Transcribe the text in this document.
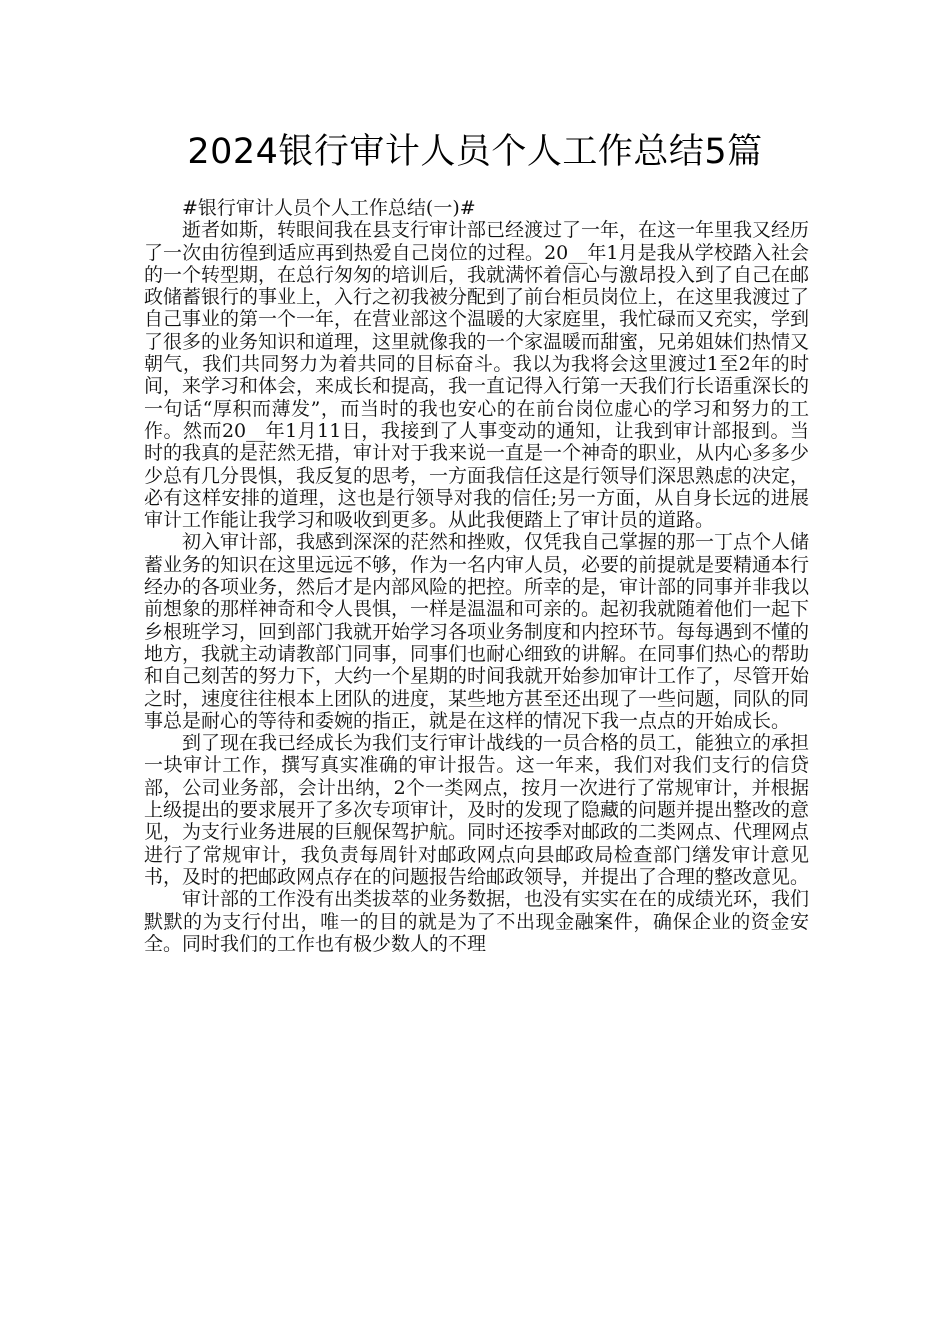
2024银行审计人员个人工作总结5篇

#银行审计人员个人工作总结(一)#

逝者如斯，转眼间我在县支行审计部已经渡过了一年，在这一年里我又经历了一次由彷徨到适应再到热爱自己岗位的过程。20__年1月是我从学校踏入社会的一个转型期，在总行匆匆的培训后，我就满怀着信心与激昂投入到了自己在邮政储蓄银行的事业上，入行之初我被分配到了前台柜员岗位上，在这里我渡过了自己事业的第一个一年，在营业部这个温暖的大家庭里，我忙碌而又充实，学到了很多的业务知识和道理，这里就像我的一个家温暖而甜蜜，兄弟姐妹们热情又朝气，我们共同努力为着共同的目标奋斗。我以为我将会这里渡过1至2年的时间，来学习和体会，来成长和提高，我一直记得入行第一天我们行长语重深长的一句话“厚积而薄发”，而当时的我也安心的在前台岗位虚心的学习和努力的工作。然而20__年1月11日，我接到了人事变动的通知，让我到审计部报到。当时的我真的是茫然无措，审计对于我来说一直是一个神奇的职业，从内心多多少少总有几分畏惧，我反复的思考，一方面我信任这是行领导们深思熟虑的决定，必有这样安排的道理，这也是行领导对我的信任;另一方面，从自身长远的进展审计工作能让我学习和吸收到更多。从此我便踏上了审计员的道路。

初入审计部，我感到深深的茫然和挫败，仅凭我自己掌握的那一丁点个人储蓄业务的知识在这里远远不够，作为一名内审人员，必要的前提就是要精通本行经办的各项业务，然后才是内部风险的把控。所幸的是，审计部的同事并非我以前想象的那样神奇和令人畏惧，一样是温温和可亲的。起初我就随着他们一起下乡根班学习，回到部门我就开始学习各项业务制度和内控环节。每每遇到不懂的地方，我就主动请教部门同事，同事们也耐心细致的讲解。在同事们热心的帮助和自己刻苦的努力下，大约一个星期的时间我就开始参加审计工作了，尽管开始之时，速度往往根本上团队的进度，某些地方甚至还出现了一些问题，同队的同事总是耐心的等待和委婉的指正，就是在这样的情况下我一点点的开始成长。

到了现在我已经成长为我们支行审计战线的一员合格的员工，能独立的承担一块审计工作，撰写真实准确的审计报告。这一年来，我们对我们支行的信贷部，公司业务部，会计出纳，2个一类网点，按月一次进行了常规审计，并根据上级提出的要求展开了多次专项审计，及时的发现了隐藏的问题并提出整改的意见，为支行业务进展的巨舰保驾护航。同时还按季对邮政的二类网点、代理网点进行了常规审计，我负责每周针对邮政网点向县邮政局检查部门缮发审计意见书，及时的把邮政网点存在的问题报告给邮政领导，并提出了合理的整改意见。

审计部的工作没有出类拔萃的业务数据，也没有实实在在的成绩光环，我们默默的为支行付出，唯一的目的就是为了不出现金融案件，确保企业的资金安全。同时我们的工作也有极少数人的不理
